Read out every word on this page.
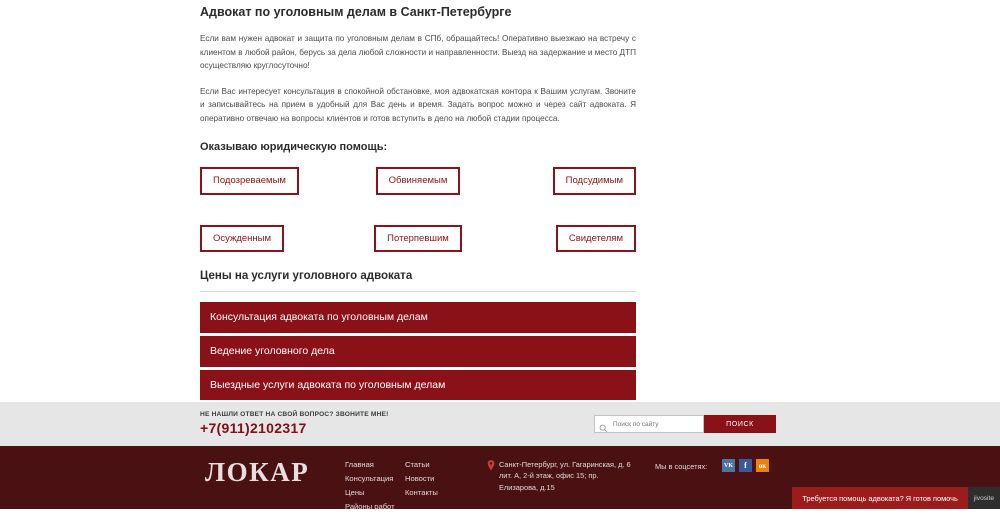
Адвокат по уголовным делам в Санкт-Петербурге

Если вам нужен адвокат и защита по уголовным делам в СПб, обращайтесь! Оперативно выезжаю на встречу с клиентом в любой район, берусь за дела любой сложности и направленности. Выезд на задержание и место ДТП осуществляю круглосуточно!

Если Вас интересует консультация в спокойной обстановке, моя адвокатская контора к Вашим услугам. Звоните и записывайтесь на прием в удобный для Вас день и время. Задать вопрос можно и через сайт адвоката. Я оперативно отвечаю на вопросы клиентов и готов вступить в дело на любой стадии процесса.

Оказываю юридическую помощь:
Подозреваемым	Обвиняемым	Подсудимым
Осужденным	Потерпевшим	Свидетелям
Цены на услуги уголовного адвоката
Консультация адвоката по уголовным делам
Ведение уголовного дела
Выездные услуги адвоката по уголовным делам

НЕ НАШЛИ ОТВЕТ НА СВОЙ ВОПРОС? ЗВОНИТЕ МНЕ!

+7(911)2102317

Поиск по сайту	ПОИСК
ЛОКАР	Главная
Консультация
Цены
Районы работ
Статьи
Новости
Контакты
Санкт-Петербург, ул. Гагаринская, д. 6 лит. А, 2-й этаж, офис 15; пр. Елизарова, д.15
Мы в соцсетях:	VK	f	ок
Требуется помощь адвоката? Я готов помочь	jivosite
